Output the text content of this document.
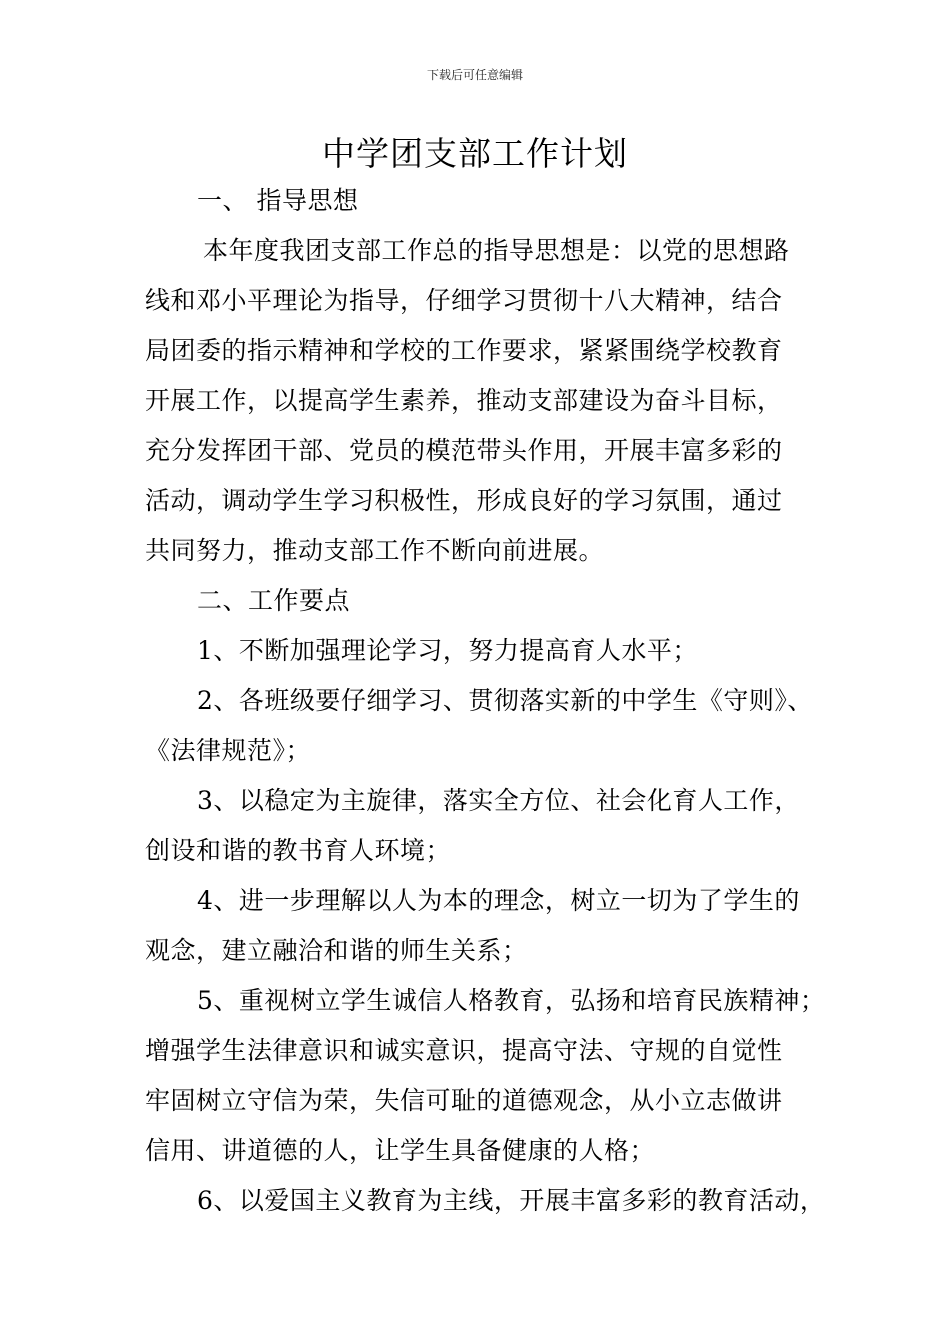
下载后可任意编辑
中学团支部工作计划
一、 指导思想
本年度我团支部工作总的指导思想是：以党的思想路
线和邓小平理论为指导，仔细学习贯彻十八大精神，结合
局团委的指示精神和学校的工作要求，紧紧围绕学校教育
开展工作，以提高学生素养，推动支部建设为奋斗目标，
充分发挥团干部、党员的模范带头作用，开展丰富多彩的
活动，调动学生学习积极性，形成良好的学习氛围，通过
共同努力，推动支部工作不断向前进展。
二、工作要点
1、不断加强理论学习，努力提高育人水平；
2、各班级要仔细学习、贯彻落实新的中学生《守则》、
《法律规范》；
3、以稳定为主旋律，落实全方位、社会化育人工作，
创设和谐的教书育人环境；
4、进一步理解以人为本的理念，树立一切为了学生的
观念，建立融洽和谐的师生关系；
5、重视树立学生诚信人格教育，弘扬和培育民族精神；
增强学生法律意识和诚实意识，提高守法、守规的自觉性
牢固树立守信为荣，失信可耻的道德观念，从小立志做讲
信用、讲道德的人，让学生具备健康的人格；
6、以爱国主义教育为主线，开展丰富多彩的教育活动，
